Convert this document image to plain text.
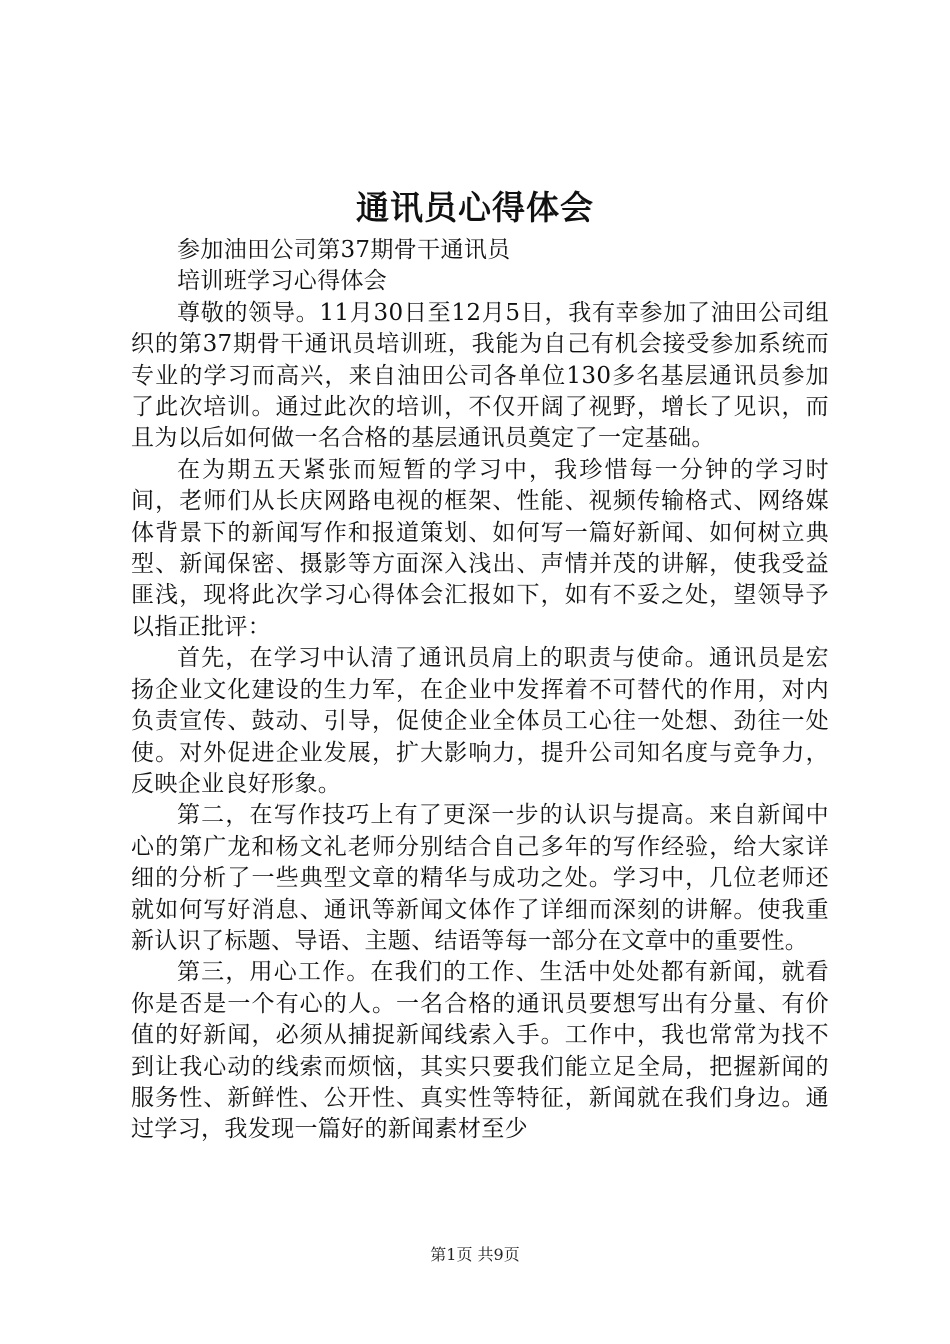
通讯员心得体会

参加油田公司第37期骨干通讯员

培训班学习心得体会

尊敬的领导。11月30日至12月5日，我有幸参加了油田公司组织的第37期骨干通讯员培训班，我能为自己有机会接受参加系统而专业的学习而高兴，来自油田公司各单位130多名基层通讯员参加了此次培训。通过此次的培训，不仅开阔了视野，增长了见识，而且为以后如何做一名合格的基层通讯员奠定了一定基础。

在为期五天紧张而短暂的学习中，我珍惜每一分钟的学习时间，老师们从长庆网路电视的框架、性能、视频传输格式、网络媒体背景下的新闻写作和报道策划、如何写一篇好新闻、如何树立典型、新闻保密、摄影等方面深入浅出、声情并茂的讲解，使我受益匪浅，现将此次学习心得体会汇报如下，如有不妥之处，望领导予以指正批评：

首先，在学习中认清了通讯员肩上的职责与使命。通讯员是宏扬企业文化建设的生力军，在企业中发挥着不可替代的作用，对内负责宣传、鼓动、引导，促使企业全体员工心往一处想、劲往一处使。对外促进企业发展，扩大影响力，提升公司知名度与竞争力，反映企业良好形象。

第二，在写作技巧上有了更深一步的认识与提高。来自新闻中心的第广龙和杨文礼老师分别结合自己多年的写作经验，给大家详细的分析了一些典型文章的精华与成功之处。学习中，几位老师还就如何写好消息、通讯等新闻文体作了详细而深刻的讲解。使我重新认识了标题、导语、主题、结语等每一部分在文章中的重要性。

第三，用心工作。在我们的工作、生活中处处都有新闻，就看你是否是一个有心的人。一名合格的通讯员要想写出有分量、有价值的好新闻，必须从捕捉新闻线索入手。工作中，我也常常为找不到让我心动的线索而烦恼，其实只要我们能立足全局，把握新闻的服务性、新鲜性、公开性、真实性等特征，新闻就在我们身边。通过学习，我发现一篇好的新闻素材至少

第1页 共9页
